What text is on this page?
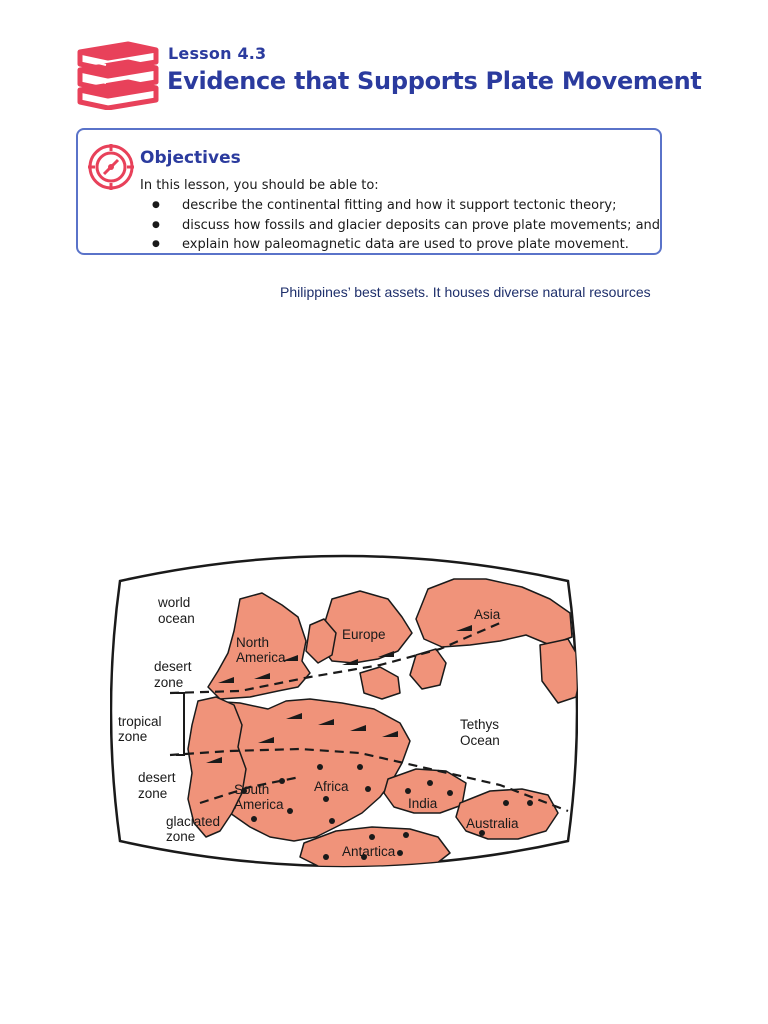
Lesson 4.3
Evidence that Supports Plate Movement
Objectives
In this lesson, you should be able to:
● describe the continental fitting and how it support tectonic theory;
● discuss how fossils and glacier deposits can prove plate movements; and
● explain how paleomagnetic data are used to prove plate movement.
Philippines’ best assets. It houses diverse natural resources
world
ocean
North
America
Europe
Asia
desert
zone
tropical
zone
Tethys
Ocean
desert
zone	South
America
Africa
India
Australia
glaciated
zone
Antartica
